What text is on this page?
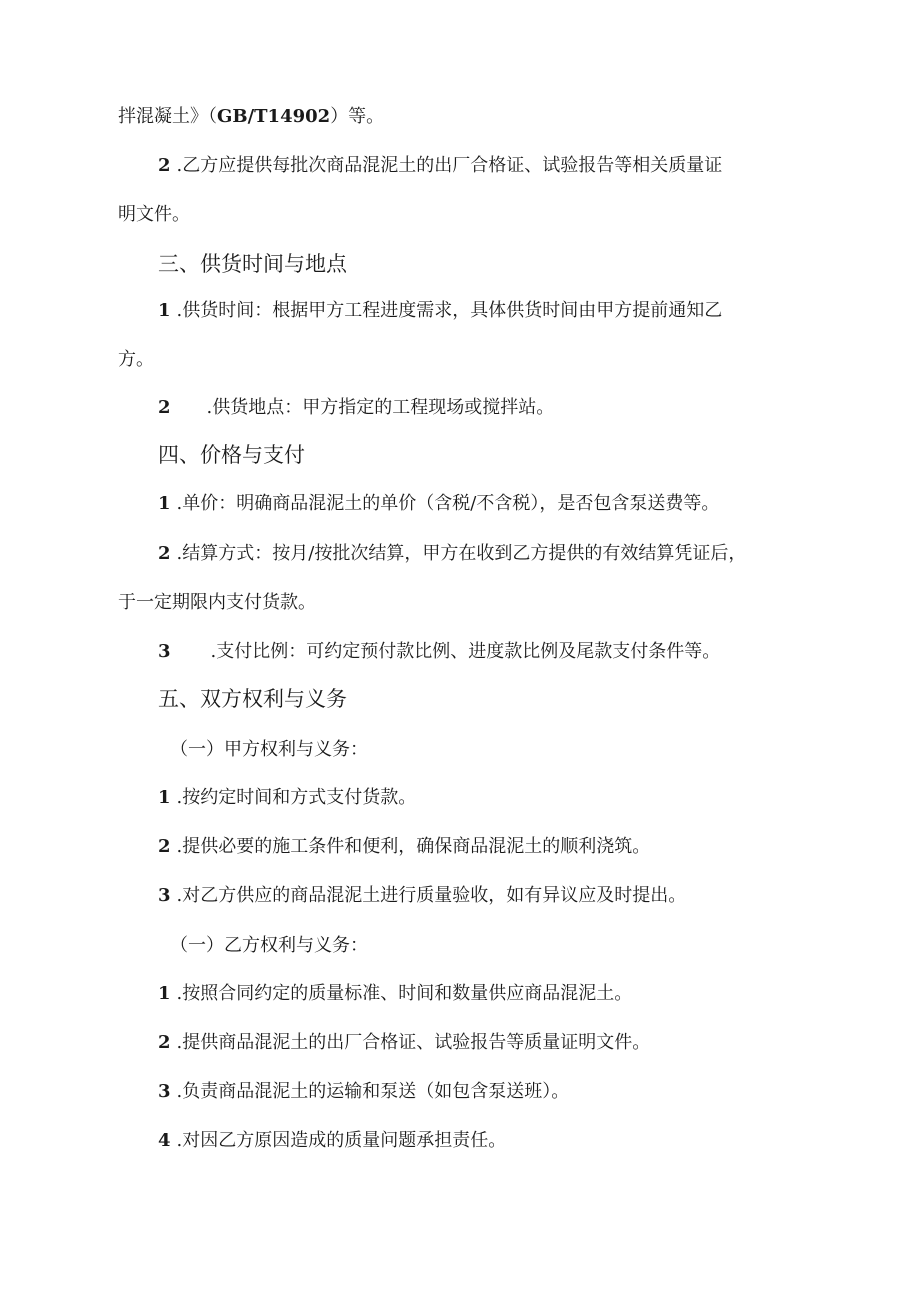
拌混凝土》（GB/T14902）等。
2 .乙方应提供每批次商品混泥土的出厂合格证、试验报告等相关质量证
明文件。
三、供货时间与地点
1 .供货时间：根据甲方工程进度需求，具体供货时间由甲方提前通知乙
方。
2 .供货地点：甲方指定的工程现场或搅拌站。
四、价格与支付
1 .单价：明确商品混泥土的单价（含税/不含税），是否包含泵送费等。
2 .结算方式：按月/按批次结算，甲方在收到乙方提供的有效结算凭证后，
于一定期限内支付货款。
3 .支付比例：可约定预付款比例、进度款比例及尾款支付条件等。
五、双方权利与义务
（一）甲方权利与义务：
1 .按约定时间和方式支付货款。
2 .提供必要的施工条件和便利，确保商品混泥土的顺利浇筑。
3 .对乙方供应的商品混泥土进行质量验收，如有异议应及时提出。
（一）乙方权利与义务：
1 .按照合同约定的质量标准、时间和数量供应商品混泥土。
2 .提供商品混泥土的出厂合格证、试验报告等质量证明文件。
3 .负责商品混泥土的运输和泵送（如包含泵送班）。
4 .对因乙方原因造成的质量问题承担责任。
